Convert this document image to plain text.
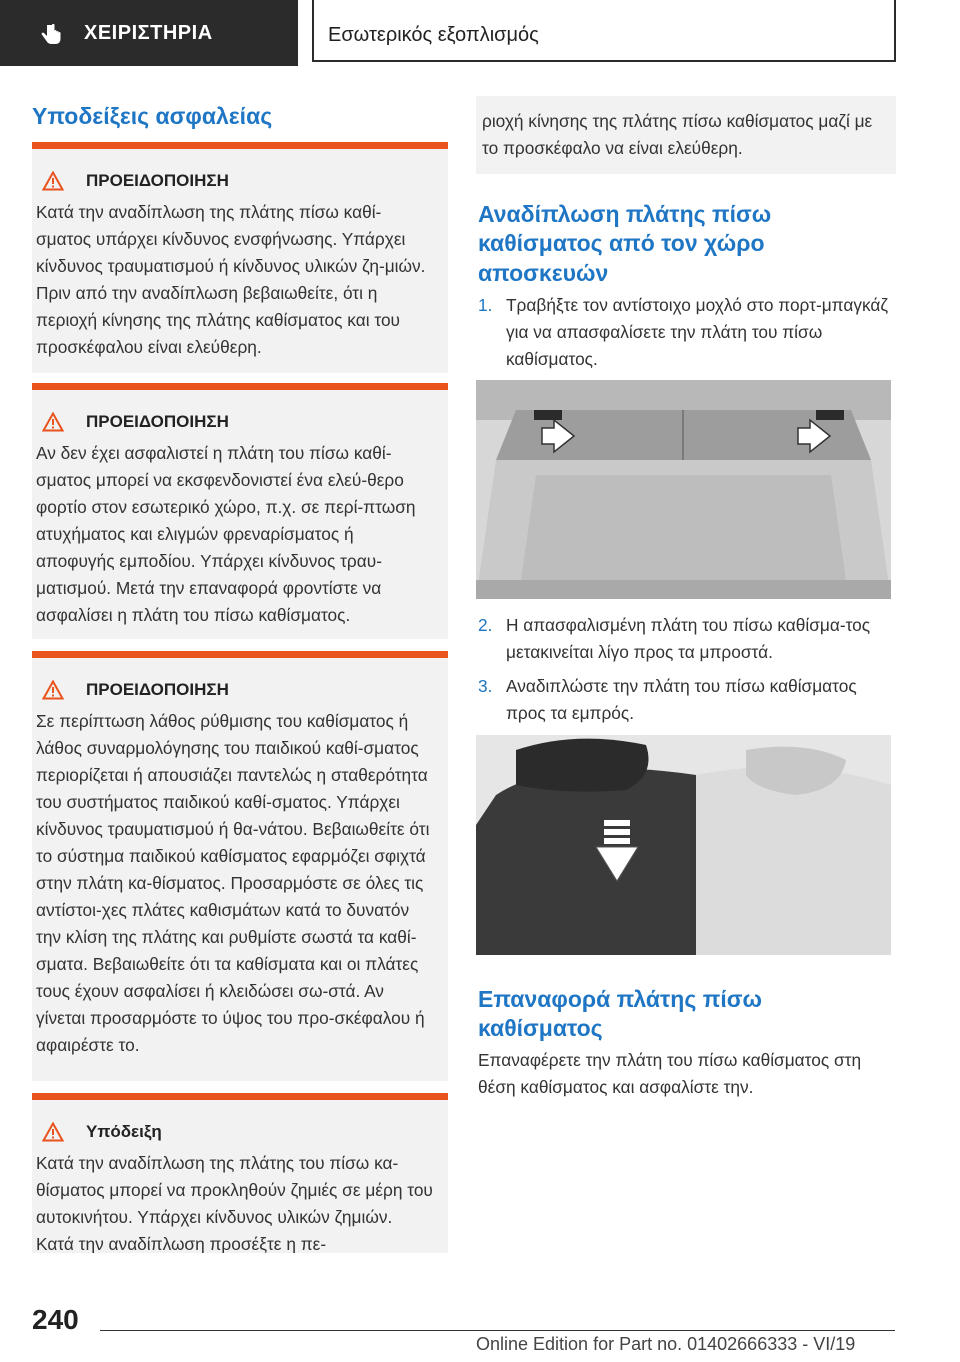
ΧΕΙΡΙΣΤΗΡΙΑ	Εσωτερικός εξοπλισμός
Υποδείξεις ασφαλείας
ΠΡΟΕΙΔΟΠΟΙΗΣΗ

Κατά την αναδίπλωση της πλάτης πίσω καθί-σματος υπάρχει κίνδυνος ενσφήνωσης. Υπάρχει κίνδυνος τραυματισμού ή κίνδυνος υλικών ζη-μιών. Πριν από την αναδίπλωση βεβαιωθείτε, ότι η περιοχή κίνησης της πλάτης καθίσματος και του προσκέφαλου είναι ελεύθερη.

ΠΡΟΕΙΔΟΠΟΙΗΣΗ

Αν δεν έχει ασφαλιστεί η πλάτη του πίσω καθί-σματος μπορεί να εκσφενδονιστεί ένα ελεύ-θερο φορτίο στον εσωτερικό χώρο, π.χ. σε περί-πτωση ατυχήματος και ελιγμών φρεναρίσματος ή αποφυγής εμποδίου. Υπάρχει κίνδυνος τραυ-ματισμού. Μετά την επαναφορά φροντίστε να ασφαλίσει η πλάτη του πίσω καθίσματος.

ΠΡΟΕΙΔΟΠΟΙΗΣΗ

Σε περίπτωση λάθος ρύθμισης του καθίσματος ή λάθος συναρμολόγησης του παιδικού καθί-σματος περιορίζεται ή απουσιάζει παντελώς η σταθερότητα του συστήματος παιδικού καθί-σματος. Υπάρχει κίνδυνος τραυματισμού ή θα-νάτου. Βεβαιωθείτε ότι το σύστημα παιδικού καθίσματος εφαρμόζει σφιχτά στην πλάτη κα-θίσματος. Προσαρμόστε σε όλες τις αντίστοι-χες πλάτες καθισμάτων κατά το δυνατόν την κλίση της πλάτης και ρυθμίστε σωστά τα καθί-σματα. Βεβαιωθείτε ότι τα καθίσματα και οι πλάτες τους έχουν ασφαλίσει ή κλειδώσει σω-στά. Αν γίνεται προσαρμόστε το ύψος του προ-σκέφαλου ή αφαιρέστε το.

Υπόδειξη

Κατά την αναδίπλωση της πλάτης του πίσω κα-θίσματος μπορεί να προκληθούν ζημιές σε μέρη του αυτοκινήτου. Υπάρχει κίνδυνος υλικών ζημιών. Κατά την αναδίπλωση προσέξτε η πε-

ριοχή κίνησης της πλάτης πίσω καθίσματος μαζί με το προσκέφαλο να είναι ελεύθερη.

Αναδίπλωση πλάτης πίσω καθίσματος από τον χώρο αποσκευών
1. Τραβήξτε τον αντίστοιχο μοχλό στο πορτ-μπαγκάζ για να απασφαλίσετε την πλάτη του πίσω καθίσματος.
2. Η απασφαλισμένη πλάτη του πίσω καθίσμα-τος μετακινείται λίγο προς τα μπροστά.
3. Αναδιπλώστε την πλάτη του πίσω καθίσματος προς τα εμπρός.
Επαναφορά πλάτης πίσω καθίσματος

Επαναφέρετε την πλάτη του πίσω καθίσματος στη θέση καθίσματος και ασφαλίστε την.

240
Online Edition for Part no. 01402666333 - VI/19
